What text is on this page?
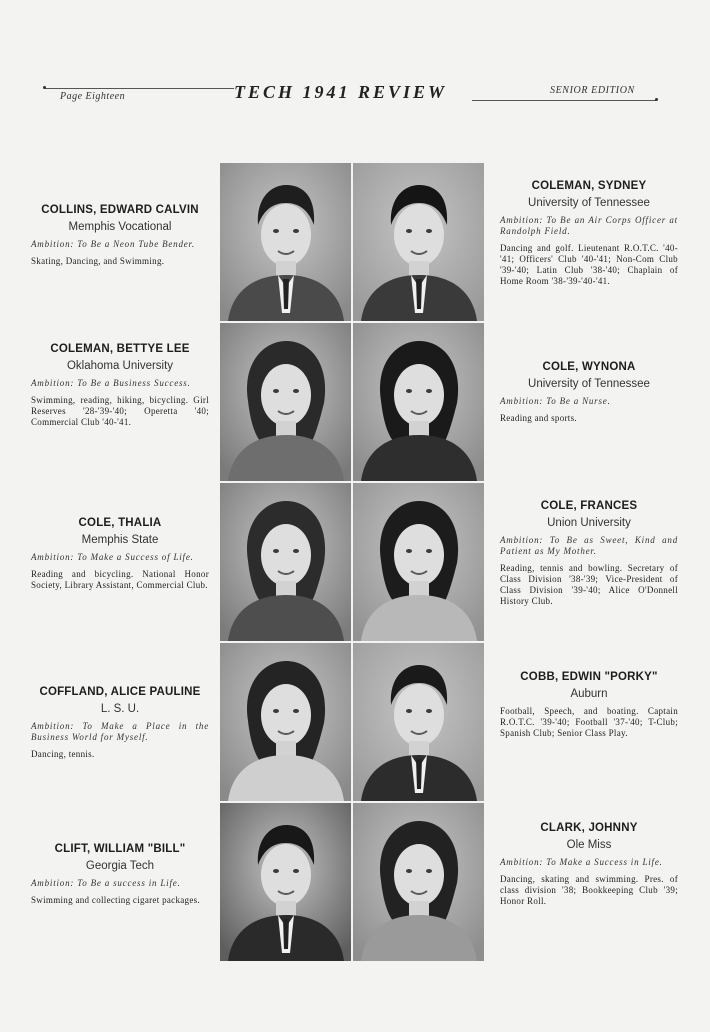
Page Eighteen	TECH 1941 REVIEW	SENIOR EDITION
COLLINS, EDWARD CALVIN
Memphis Vocational
Ambition: To Be a Neon Tube Bender.
Skating, Dancing, and Swimming.
COLEMAN, SYDNEY
University of Tennessee
Ambition: To Be an Air Corps Officer at Randolph Field.
Dancing and golf. Lieutenant R.O.T.C. '40-'41; Officers' Club '40-'41; Non-Com Club '39-'40; Latin Club '38-'40; Chaplain of Home Room '38-'39-'40-'41.
COLEMAN, BETTYE LEE
Oklahoma University
Ambition: To Be a Business Success.
Swimming, reading, hiking, bicycling. Girl Reserves '28-'39-'40; Operetta '40; Commercial Club '40-'41.
COLE, WYNONA
University of Tennessee
Ambition: To Be a Nurse.
Reading and sports.
COLE, THALIA
Memphis State
Ambition: To Make a Success of Life.
Reading and bicycling. National Honor Society, Library Assistant, Commercial Club.
COLE, FRANCES
Union University
Ambition: To Be as Sweet, Kind and Patient as My Mother.
Reading, tennis and bowling. Secretary of Class Division '38-'39; Vice-President of Class Division '39-'40; Alice O'Donnell History Club.
COFFLAND, ALICE PAULINE
L. S. U.
Ambition: To Make a Place in the Business World for Myself.
Dancing, tennis.
COBB, EDWIN "PORKY"
Auburn
Football, Speech, and boating. Captain R.O.T.C. '39-'40; Football '37-'40; T-Club; Spanish Club; Senior Class Play.
CLIFT, WILLIAM "BILL"
Georgia Tech
Ambition: To Be a success in Life.
Swimming and collecting cigaret packages.
CLARK, JOHNNY
Ole Miss
Ambition: To Make a Success in Life.
Dancing, skating and swimming. Pres. of class division '38; Bookkeeping Club '39; Honor Roll.
